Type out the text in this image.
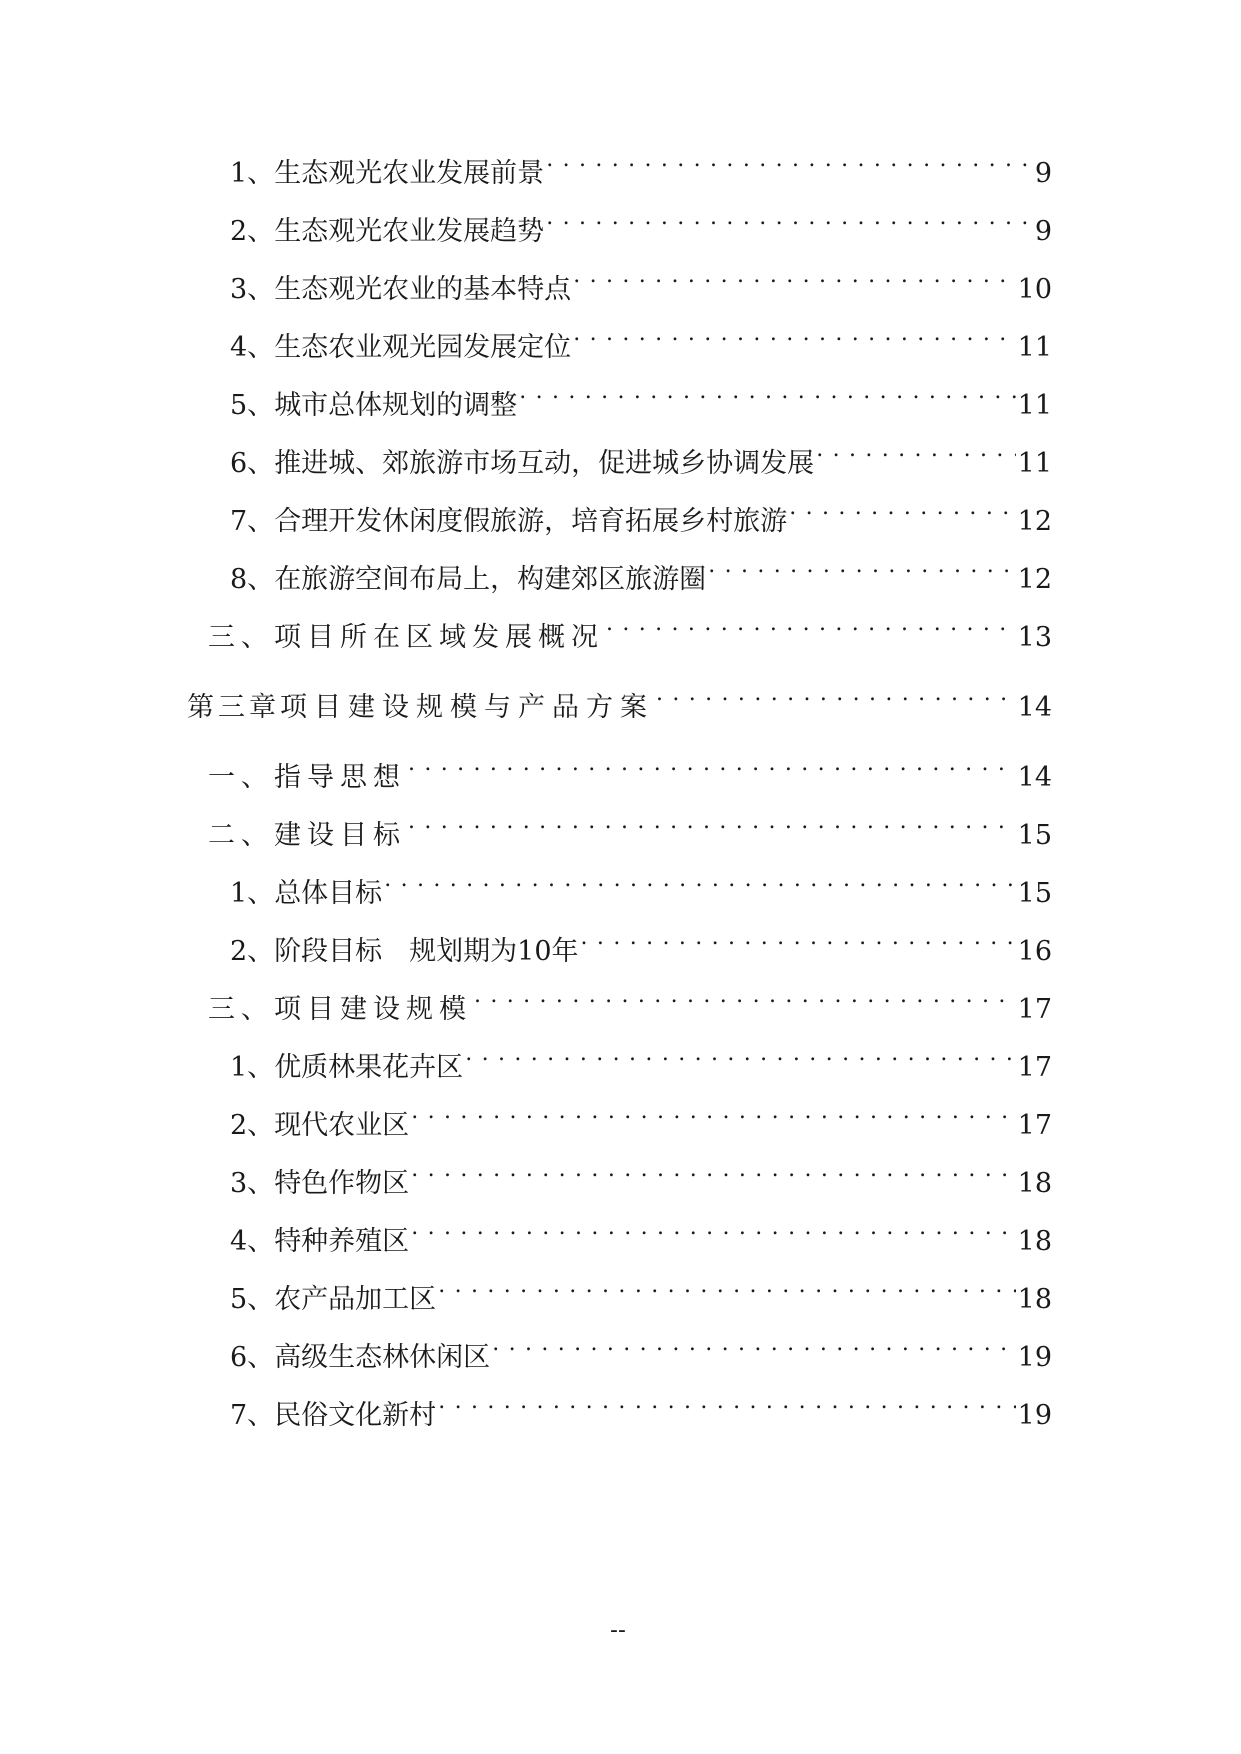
1、 生态观光农业发展前景 . . .	9
2、 生态观光农业发展趋势 . . .	9
3、 生态观光农业的基本特点 . . .	10
4、 生态农业观光园发展定位 . . .	11
5、 城市总体规划的调整 . . .	11
6、 推进城、郊旅游市场互动，促进城乡协调发展 . . .	11
7、 合理开发休闲度假旅游，培育拓展乡村旅游 . . .	12
8、 在旅游空间布局上，构建郊区旅游圈 . . .	12
三、 项目所在区域发展概况 . . .	13
第三章 项目建设规模与产品方案 . . .	14
一、 指导思想 . . .	14
二、 建设目标 . . .	15
1、 总体目标 . . .	15
2、 阶段目标　规划期为10年 . . .	16
三、 项目建设规模 . . .	17
1、 优质林果花卉区 . . .	17
2、 现代农业区 . . .	17
3、 特色作物区 . . .	18
4、 特种养殖区 . . .	18
5、 农产品加工区 . . .	18
6、 高级生态林休闲区 . . .	19
7、 民俗文化新村 . . .	19
--
